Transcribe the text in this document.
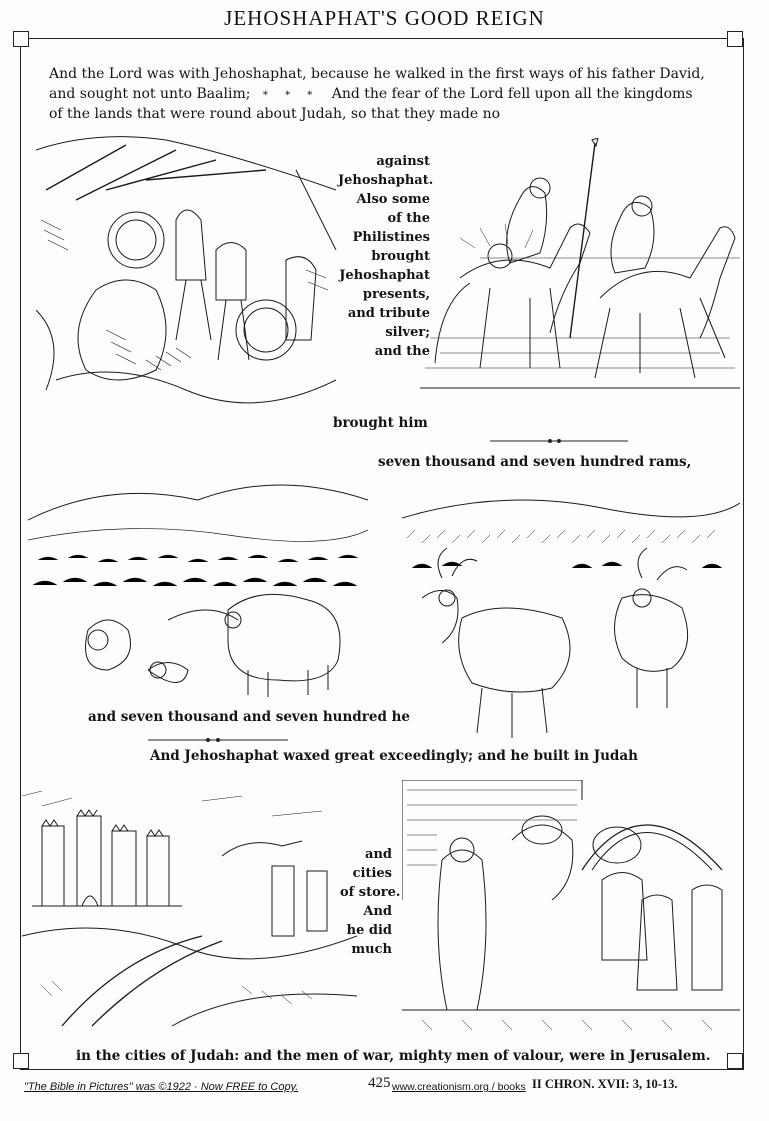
JEHOSHAPHAT'S GOOD REIGN
And the Lord was with Jehoshaphat, because he walked in the first ways of his father David,
and sought not unto Baalim; * * * And the fear of the Lord fell upon all the kingdoms
of the lands that were round about Judah, so that they made no
against
Jehoshaphat.
Also some
of the
Philistines
brought
Jehoshaphat
presents,
and tribute
silver;
and the
brought him
seven thousand and seven hundred rams,
and seven thousand and seven hundred he
And Jehoshaphat waxed great exceedingly; and he built in Judah
and
cities
of store.
And
he did
much
in the cities of Judah: and the men of war, mighty men of valour, were in Jerusalem.
"The Bible in Pictures" was ©1922 · Now FREE to Copy.	425 www.creationism.org / books II CHRON. XVII: 3, 10-13.
